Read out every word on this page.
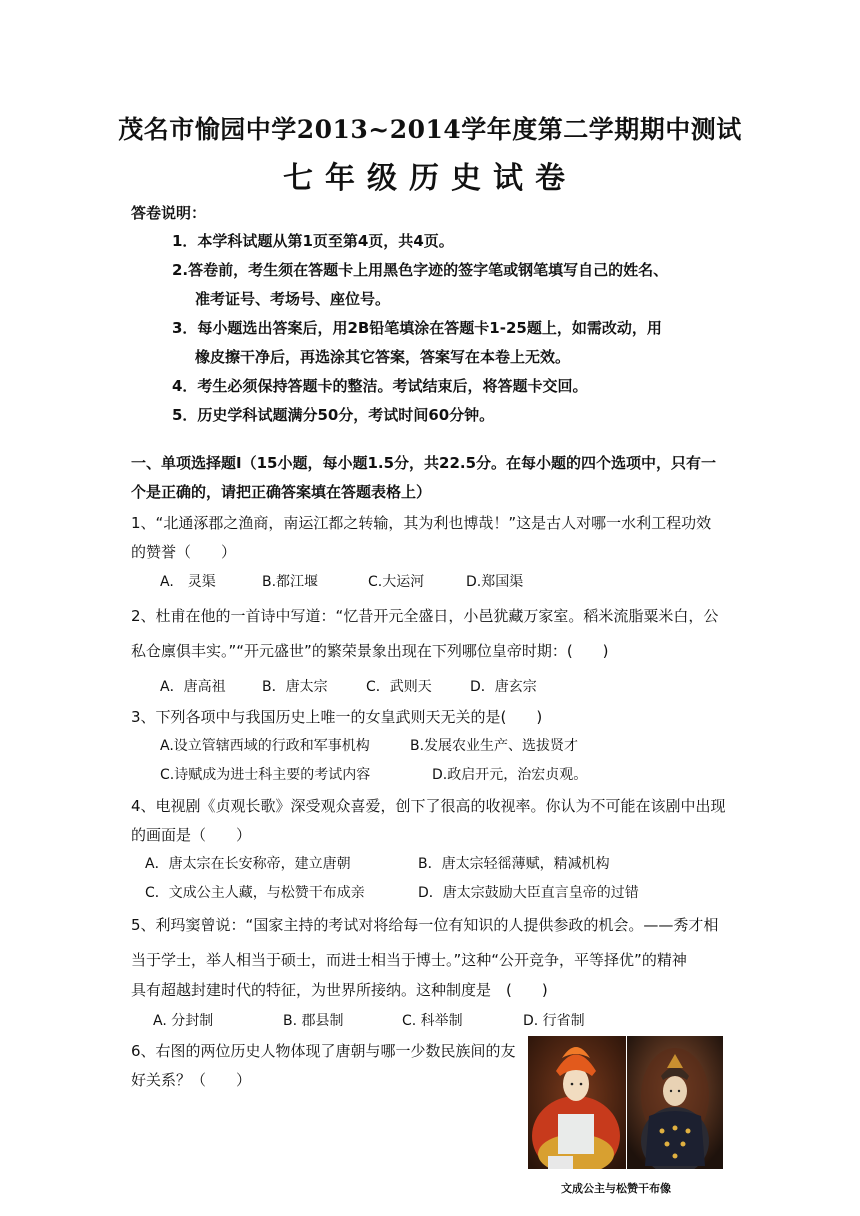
茂名市愉园中学2013~2014学年度第二学期期中测试
七年级历史试卷
答卷说明：
1．本学科试题从第1页至第4页，共4页。
2.答卷前，考生须在答题卡上用黑色字迹的签字笔或钢笔填写自己的姓名、
准考证号、考场号、座位号。
3．每小题选出答案后，用2B铅笔填涂在答题卡1-25题上，如需改动，用
橡皮擦干净后，再选涂其它答案，答案写在本卷上无效。
4．考生必须保持答题卡的整洁。考试结束后，将答题卡交回。
5．历史学科试题满分50分，考试时间60分钟。
一、单项选择题Ⅰ（15小题，每小题1.5分，共22.5分。在每小题的四个选项中，只有一
个是正确的，请把正确答案填在答题表格上）
1、“北通涿郡之渔商，南运江都之转输，其为利也博哉！”这是古人对哪一水利工程功效
的赞誉（　　）
A.　灵渠	B.都江堰	C.大运河	D.郑国渠
2、杜甫在他的一首诗中写道：“忆昔开元全盛日，小邑犹藏万家室。稻米流脂粟米白，公
私仓廪俱丰实。”“开元盛世”的繁荣景象出现在下列哪位皇帝时期：(　　)
A．唐高祖	B．唐太宗	C．武则天	D．唐玄宗
3、下列各项中与我国历史上唯一的女皇武则天无关的是(　　)
A.设立管辖西域的行政和军事机构	B.发展农业生产、选拔贤才
C.诗赋成为进士科主要的考试内容	D.政启开元，治宏贞观。
4、电视剧《贞观长歌》深受观众喜爱，创下了很高的收视率。你认为不可能在该剧中出现
的画面是（　　）
A．唐太宗在长安称帝，建立唐朝	B．唐太宗轻徭薄赋，精减机构
C．文成公主人藏，与松赞干布成亲	D．唐太宗鼓励大臣直言皇帝的过错
5、利玛窦曾说：“国家主持的考试对将给每一位有知识的人提供参政的机会。——秀才相
当于学士，举人相当于硕士，而进士相当于博士。”这种“公开竞争，平等择优”的精神
具有超越封建时代的特征，为世界所接纳。这种制度是　(　　)
A. 分封制	B. 郡县制	C. 科举制	D. 行省制
6、右图的两位历史人物体现了唐朝与哪一少数民族间的友
好关系？（　　）
文成公主与松赞干布像
